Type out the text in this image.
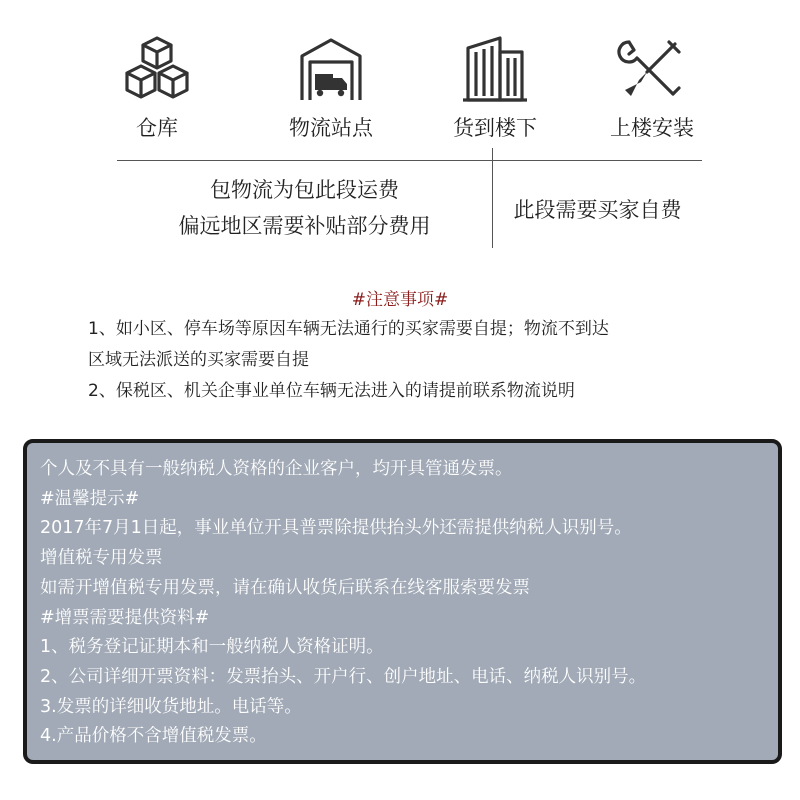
仓库	物流站点	货到楼下	上楼安装
包物流为包此段运费
偏远地区需要补贴部分费用
此段需要买家自费
#注意事项#
1、如小区、停车场等原因车辆无法通行的买家需要自提；物流不到达
区域无法派送的买家需要自提
2、保税区、机关企事业单位车辆无法进入的请提前联系物流说明
个人及不具有一般纳税人资格的企业客户，均开具管通发票。
#温馨提示#
2017年7月1日起，事业单位开具普票除提供抬头外还需提供纳税人识别号。
增值税专用发票
如需开增值税专用发票，请在确认收货后联系在线客服索要发票
#增票需要提供资料#
1、税务登记证期本和一般纳税人资格证明。
2、公司详细开票资料：发票抬头、开户行、创户地址、电话、纳税人识别号。
3.发票的详细收货地址。电话等。
4.产品价格不含增值税发票。
